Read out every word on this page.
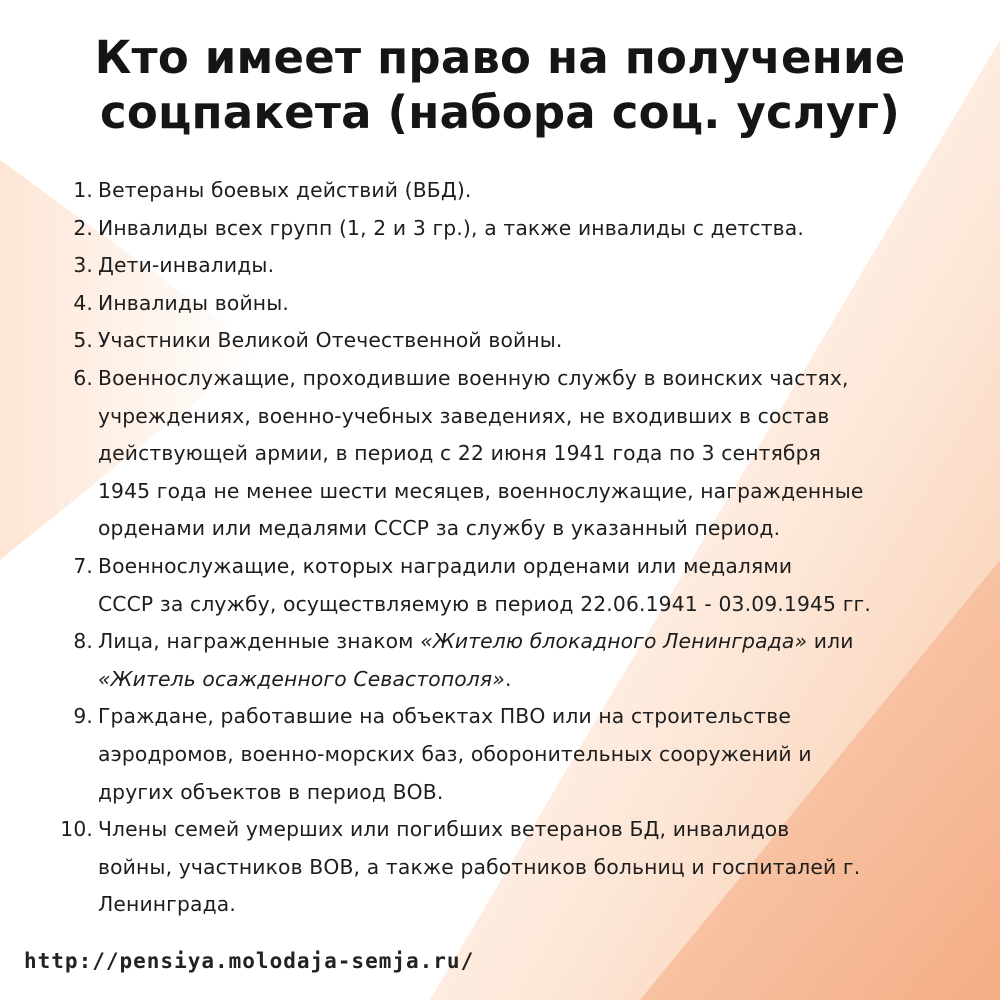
Кто имеет право на получение
соцпакета (набора соц. услуг)
1. Ветераны боевых действий (ВБД).
2. Инвалиды всех групп (1, 2 и 3 гр.), а также инвалиды с детства.
3. Дети-инвалиды.
4. Инвалиды войны.
5. Участники Великой Отечественной войны.
6. Военнослужащие, проходившие военную службу в воинских частях,
учреждениях, военно-учебных заведениях, не входивших в состав
действующей армии, в период с 22 июня 1941 года по 3 сентября
1945 года не менее шести месяцев, военнослужащие, награжденные
орденами или медалями СССР за службу в указанный период.
7. Военнослужащие, которых наградили орденами или медалями
СССР за службу, осуществляемую в период 22.06.1941 - 03.09.1945 гг.
8. Лица, награжденные знаком «Жителю блокадного Ленинграда» или
«Житель осажденного Севастополя».
9. Граждане, работавшие на объектах ПВО или на строительстве
аэродромов, военно-морских баз, оборонительных сооружений и
других объектов в период ВОВ.
10. Члены семей умерших или погибших ветеранов БД, инвалидов
войны, участников ВОВ, а также работников больниц и госпиталей г.
Ленинграда.
http://pensiya.molodaja-semja.ru/
